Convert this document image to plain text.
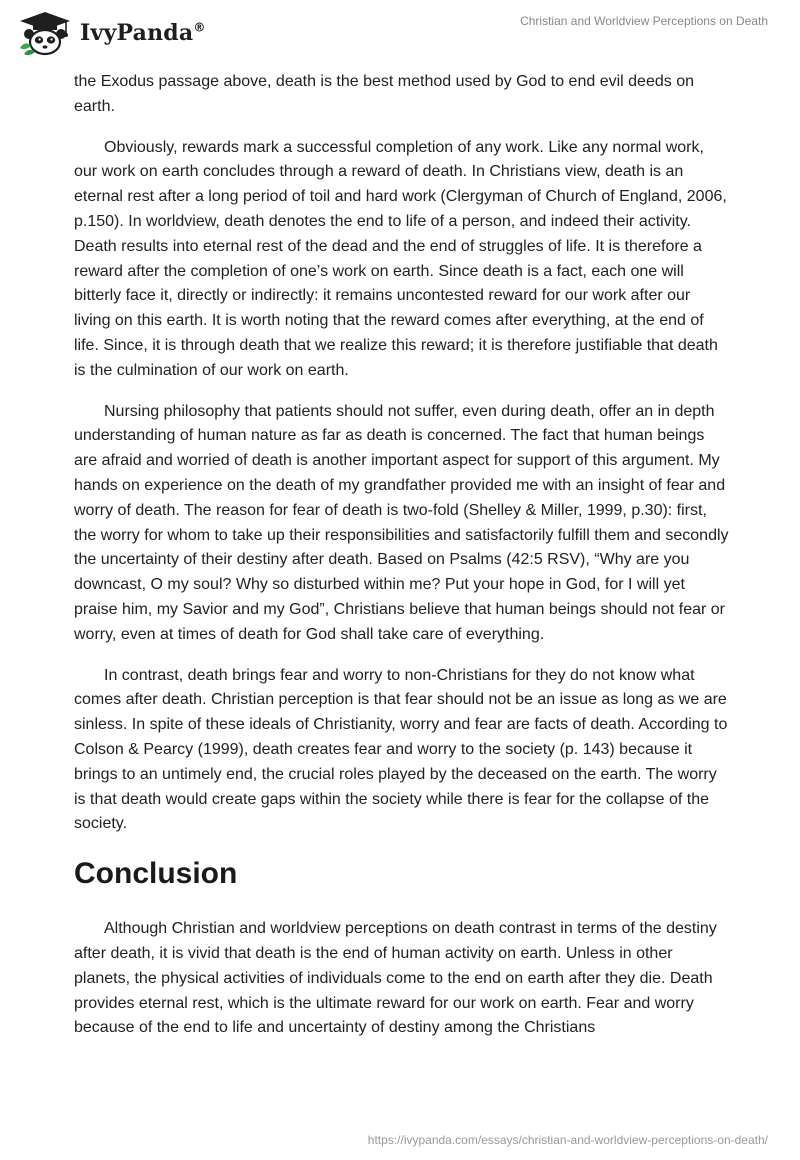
IvyPanda®	Christian and Worldview Perceptions on Death

the Exodus passage above, death is the best method used by God to end evil deeds on earth.

Obviously, rewards mark a successful completion of any work. Like any normal work, our work on earth concludes through a reward of death. In Christians view, death is an eternal rest after a long period of toil and hard work (Clergyman of Church of England, 2006, p.150). In worldview, death denotes the end to life of a person, and indeed their activity. Death results into eternal rest of the dead and the end of struggles of life. It is therefore a reward after the completion of one’s work on earth. Since death is a fact, each one will bitterly face it, directly or indirectly: it remains uncontested reward for our work after our living on this earth. It is worth noting that the reward comes after everything, at the end of life. Since, it is through death that we realize this reward; it is therefore justifiable that death is the culmination of our work on earth.

Nursing philosophy that patients should not suffer, even during death, offer an in depth understanding of human nature as far as death is concerned. The fact that human beings are afraid and worried of death is another important aspect for support of this argument. My hands on experience on the death of my grandfather provided me with an insight of fear and worry of death. The reason for fear of death is two-fold (Shelley & Miller, 1999, p.30): first, the worry for whom to take up their responsibilities and satisfactorily fulfill them and secondly the uncertainty of their destiny after death. Based on Psalms (42:5 RSV), “Why are you downcast, O my soul? Why so disturbed within me? Put your hope in God, for I will yet praise him, my Savior and my God”, Christians believe that human beings should not fear or worry, even at times of death for God shall take care of everything.

In contrast, death brings fear and worry to non-Christians for they do not know what comes after death. Christian perception is that fear should not be an issue as long as we are sinless. In spite of these ideals of Christianity, worry and fear are facts of death. According to Colson & Pearcy (1999), death creates fear and worry to the society (p. 143) because it brings to an untimely end, the crucial roles played by the deceased on the earth. The worry is that death would create gaps within the society while there is fear for the collapse of the society.

Conclusion

Although Christian and worldview perceptions on death contrast in terms of the destiny after death, it is vivid that death is the end of human activity on earth. Unless in other planets, the physical activities of individuals come to the end on earth after they die. Death provides eternal rest, which is the ultimate reward for our work on earth. Fear and worry because of the end to life and uncertainty of destiny among the Christians

https://ivypanda.com/essays/christian-and-worldview-perceptions-on-death/
